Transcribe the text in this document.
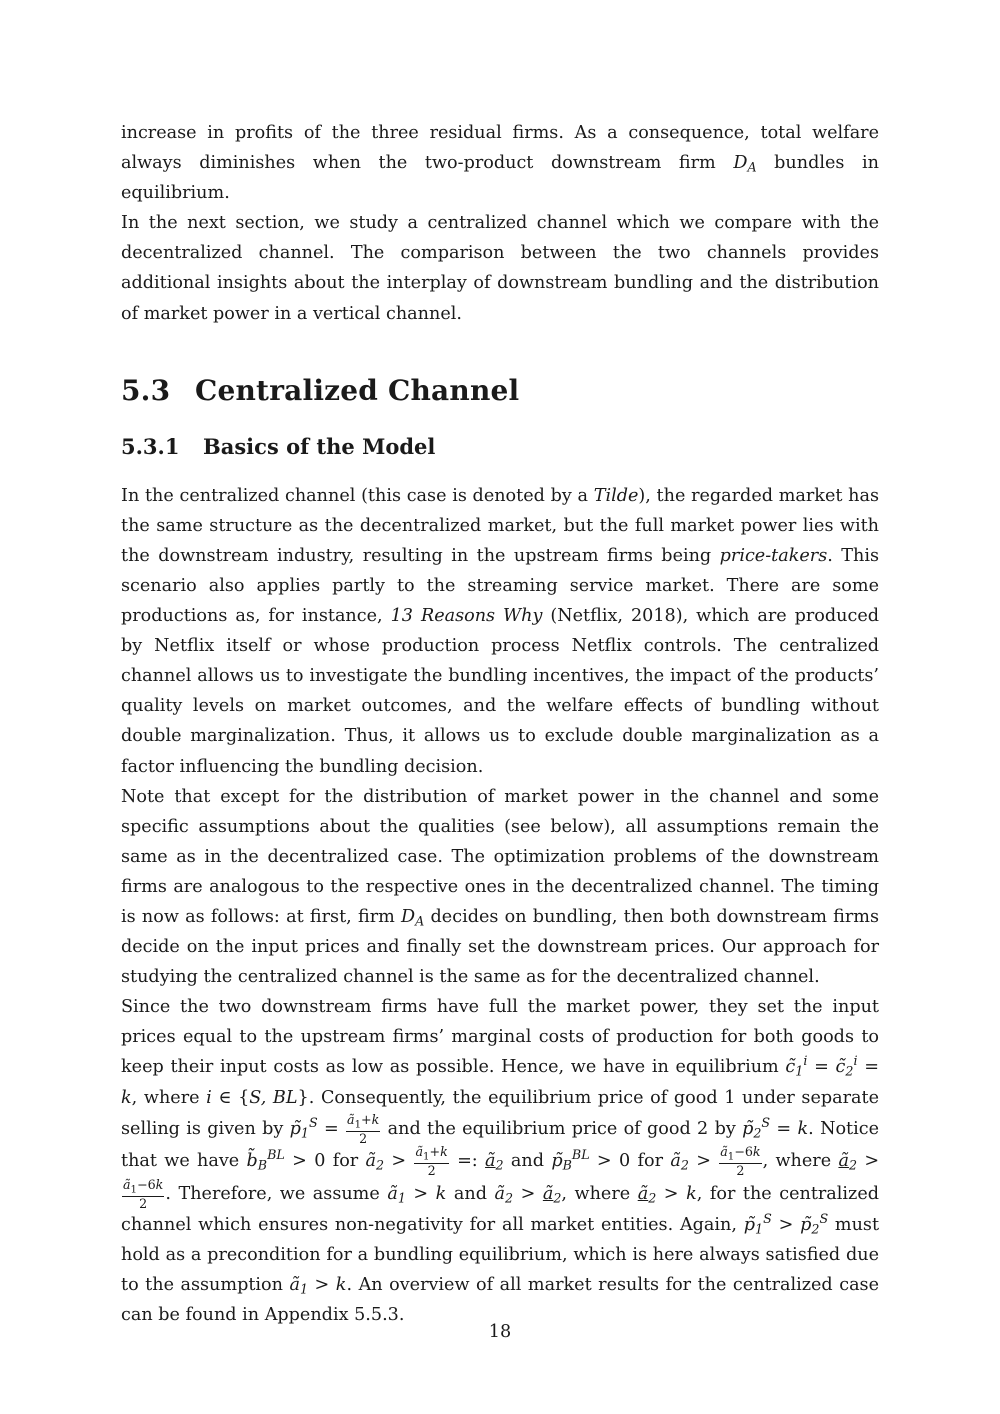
increase in profits of the three residual firms. As a consequence, total welfare always diminishes when the two-product downstream firm $D_A$ bundles in equilibrium.

In the next section, we study a centralized channel which we compare with the decentralized channel. The comparison between the two channels provides additional insights about the interplay of downstream bundling and the distribution of market power in a vertical channel.

5.3 Centralized Channel
5.3.1 Basics of the Model

In the centralized channel (this case is denoted by a Tilde), the regarded market has the same structure as the decentralized market, but the full market power lies with the downstream industry, resulting in the upstream firms being price-takers. This scenario also applies partly to the streaming service market. There are some productions as, for instance, 13 Reasons Why (Netflix, 2018), which are produced by Netflix itself or whose production process Netflix controls. The centralized channel allows us to investigate the bundling incentives, the impact of the products’ quality levels on market outcomes, and the welfare effects of bundling without double marginalization. Thus, it allows us to exclude double marginalization as a factor influencing the bundling decision.

Note that except for the distribution of market power in the channel and some specific assumptions about the qualities (see below), all assumptions remain the same as in the decentralized case. The optimization problems of the downstream firms are analogous to the respective ones in the decentralized channel. The timing is now as follows: at first, firm $D_A$ decides on bundling, then both downstream firms decide on the input prices and finally set the downstream prices. Our approach for studying the centralized channel is the same as for the decentralized channel.

Since the two downstream firms have full the market power, they set the input prices equal to the upstream firms’ marginal costs of production for both goods to keep their input costs as low as possible. Hence, we have in equilibrium $c̃_1^i$ = $c̃_2^i = k$, where i ∈ {S, BL}. Consequently, the equilibrium price of good 1 under separate selling is given by $p̃_1^S = \frac{ã_1+k}{2}$ and the equilibrium price of good 2 by $p̃_2^S = k$. Notice that we have $b̃_B^{BL} > 0$ for $ã_2 > \frac{ã_1+k}{2}$ =: $ã_2$ and $p̃_B^{BL} > 0$ for $ã_2 > \frac{ã_1-6k}{2}$ , where $ã_2$ >
$\frac{ã_1-6k}{2}$ . Therefore, we assume $ã_1 > k$ and $ã_2$ > $ã_2$, where $ã_2 > k$, for the centralized channel which ensures non-negativity for all market entities. Again, $p̃_1^S$ > $p̃_2^S$ must hold as a precondition for a bundling equilibrium, which is here always satisfied due to the assumption $ã_1 > k$. An overview of all market results for the centralized case can be found in Appendix 5.5.3.

18
